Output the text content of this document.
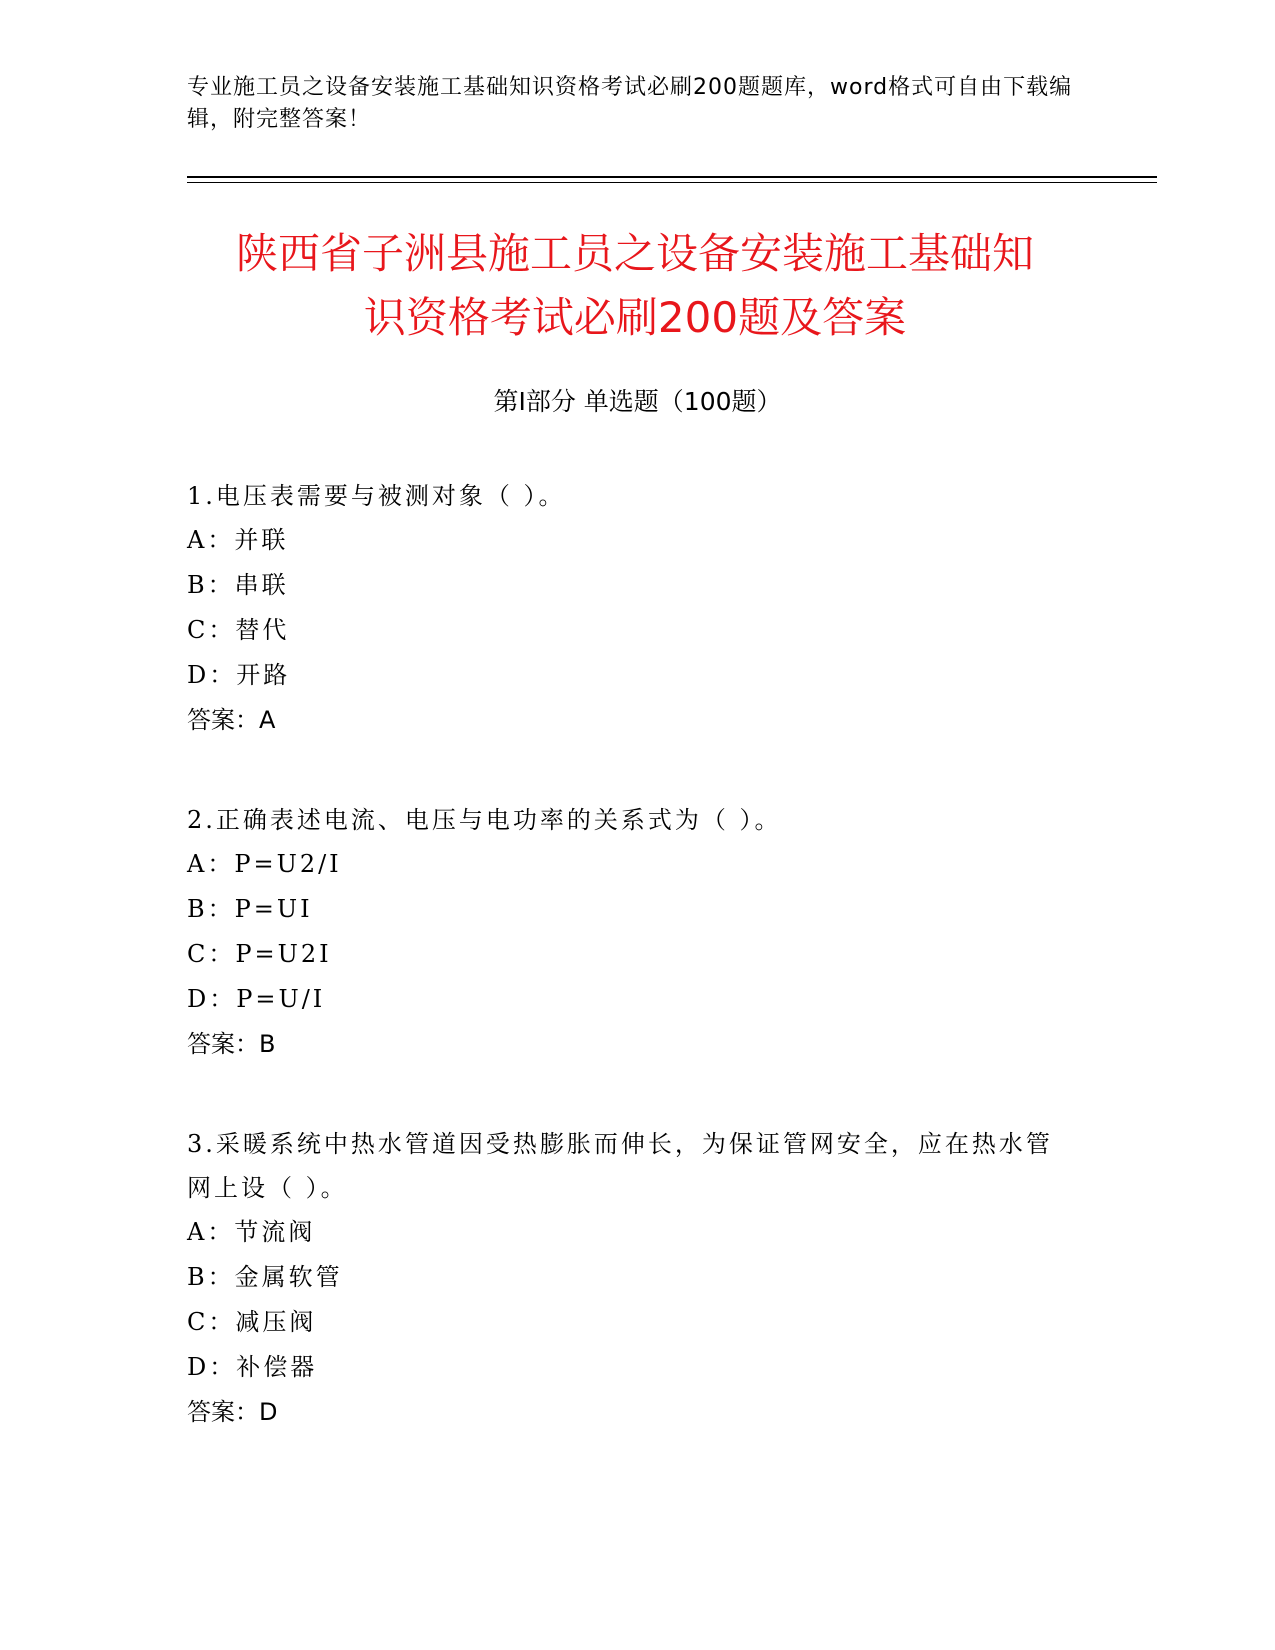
专业施工员之设备安装施工基础知识资格考试必刷200题题库，word格式可自由下载编辑，附完整答案！
陕西省子洲县施工员之设备安装施工基础知
识资格考试必刷200题及答案
第Ⅰ部分 单选题（100题）
1.电压表需要与被测对象（ ）。
A：并联
B：串联
C：替代
D：开路
答案：A
2.正确表述电流、电压与电功率的关系式为（ ）。
A：P=U2/I
B：P=UI
C：P=U2I
D：P=U/I
答案：B
3.采暖系统中热水管道因受热膨胀而伸长，为保证管网安全，应在热水管网上设（ ）。
A：节流阀
B：金属软管
C：减压阀
D：补偿器
答案：D
